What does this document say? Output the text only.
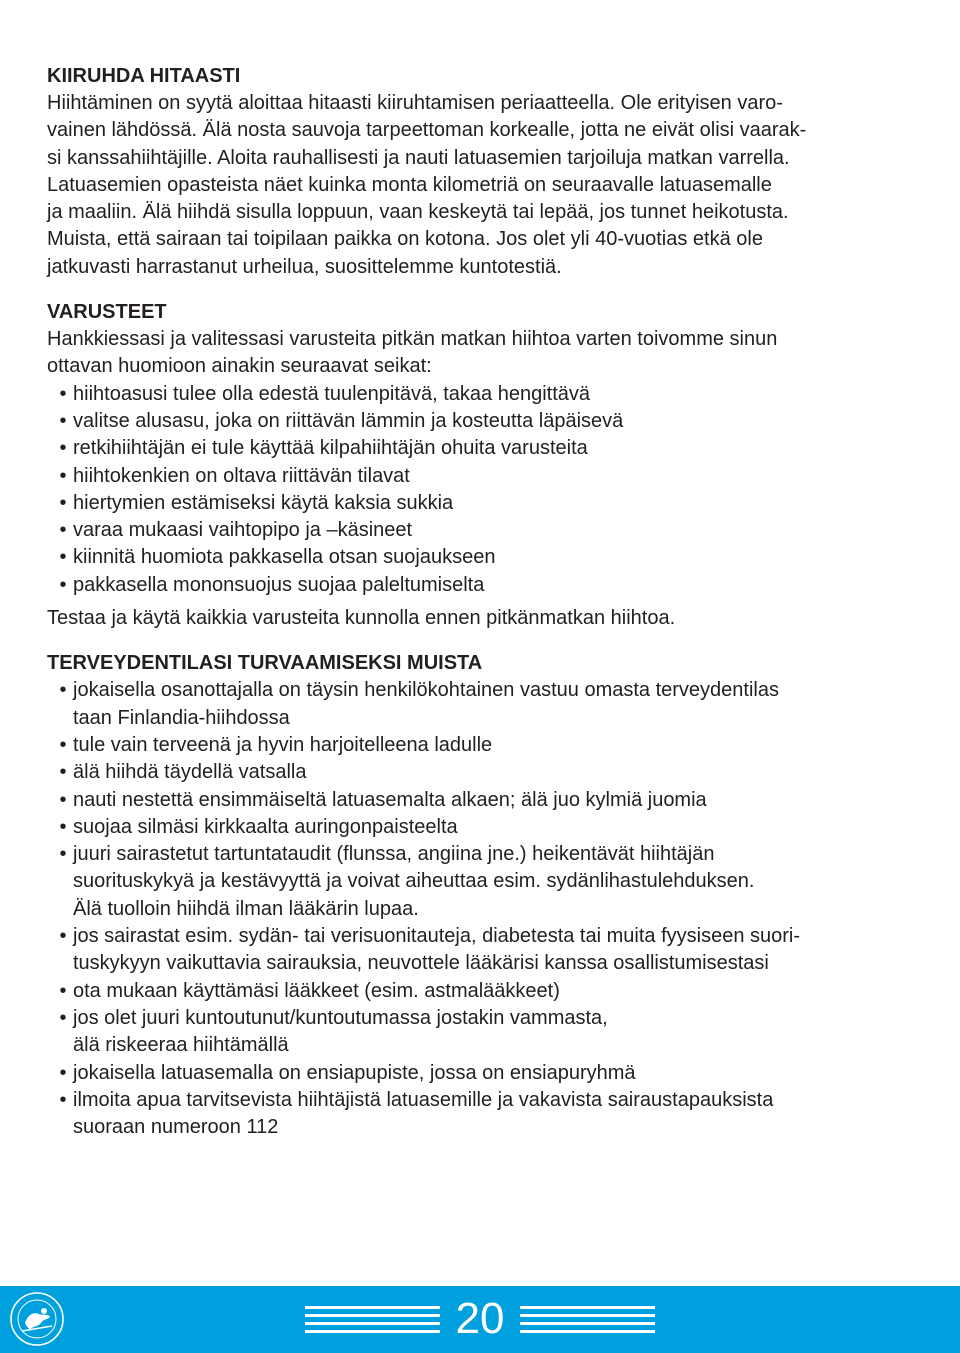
KIIRUHDA HITAASTI
Hiihtäminen on syytä aloittaa hitaasti kiiruhtamisen periaatteella. Ole erityisen varo-
vainen lähdössä. Älä nosta sauvoja tarpeettoman korkealle, jotta ne eivät olisi vaarak-
si kanssahiihtäjille. Aloita rauhallisesti ja nauti latuasemien tarjoiluja matkan varrella.
Latuasemien opasteista näet kuinka monta kilometriä on seuraavalle latuasemalle
ja maaliin. Älä hiihdä sisulla loppuun, vaan keskeytä tai lepää, jos tunnet heikotusta.
Muista, että sairaan tai toipilaan paikka on kotona. Jos olet yli 40-vuotias etkä ole
jatkuvasti harrastanut urheilua, suosittelemme kuntotestiä.
VARUSTEET
Hankkiessasi ja valitessasi varusteita pitkän matkan hiihtoa varten toivomme sinun
ottavan huomioon ainakin seuraavat seikat:
• hiihtoasusi tulee olla edestä tuulenpitävä, takaa hengittävä
• valitse alusasu, joka on riittävän lämmin ja kosteutta läpäisevä
• retkihiihtäjän ei tule käyttää kilpahiihtäjän ohuita varusteita
• hiihtokenkien on oltava riittävän tilavat
• hiertymien estämiseksi käytä kaksia sukkia
• varaa mukaasi vaihtopipo ja –käsineet
• kiinnitä huomiota pakkasella otsan suojaukseen
• pakkasella mononsuojus suojaa paleltumiselta
Testaa ja käytä kaikkia varusteita kunnolla ennen pitkänmatkan hiihtoa.
TERVEYDENTILASI TURVAAMISEKSI MUISTA
• jokaisella osanottajalla on täysin henkilökohtainen vastuu omasta terveydentilas
taan Finlandia-hiihdossa
• tule vain terveenä ja hyvin harjoitelleena ladulle
• älä hiihdä täydellä vatsalla
• nauti nestettä ensimmäiseltä latuasemalta alkaen; älä juo kylmiä juomia
• suojaa silmäsi kirkkaalta auringonpaisteelta
• juuri sairastetut tartuntataudit (flunssa, angiina jne.) heikentävät hiihtäjän
suorituskykyä ja kestävyyttä ja voivat aiheuttaa esim. sydänlihastulehduksen.
Älä tuolloin hiihdä ilman lääkärin lupaa.
• jos sairastat esim. sydän- tai verisuonitauteja, diabetesta tai muita fyysiseen suori-
tuskykyyn vaikuttavia sairauksia, neuvottele lääkärisi kanssa osallistumisestasi
• ota mukaan käyttämäsi lääkkeet (esim. astmalääkkeet)
• jos olet juuri kuntoutunut/kuntoutumassa jostakin vammasta,
älä riskeeraa hiihtämällä
• jokaisella latuasemalla on ensiapupiste, jossa on ensiapuryhmä
• ilmoita apua tarvitsevista hiihtäjistä latuasemille ja vakavista sairaustapauksista
suoraan numeroon 112
20
